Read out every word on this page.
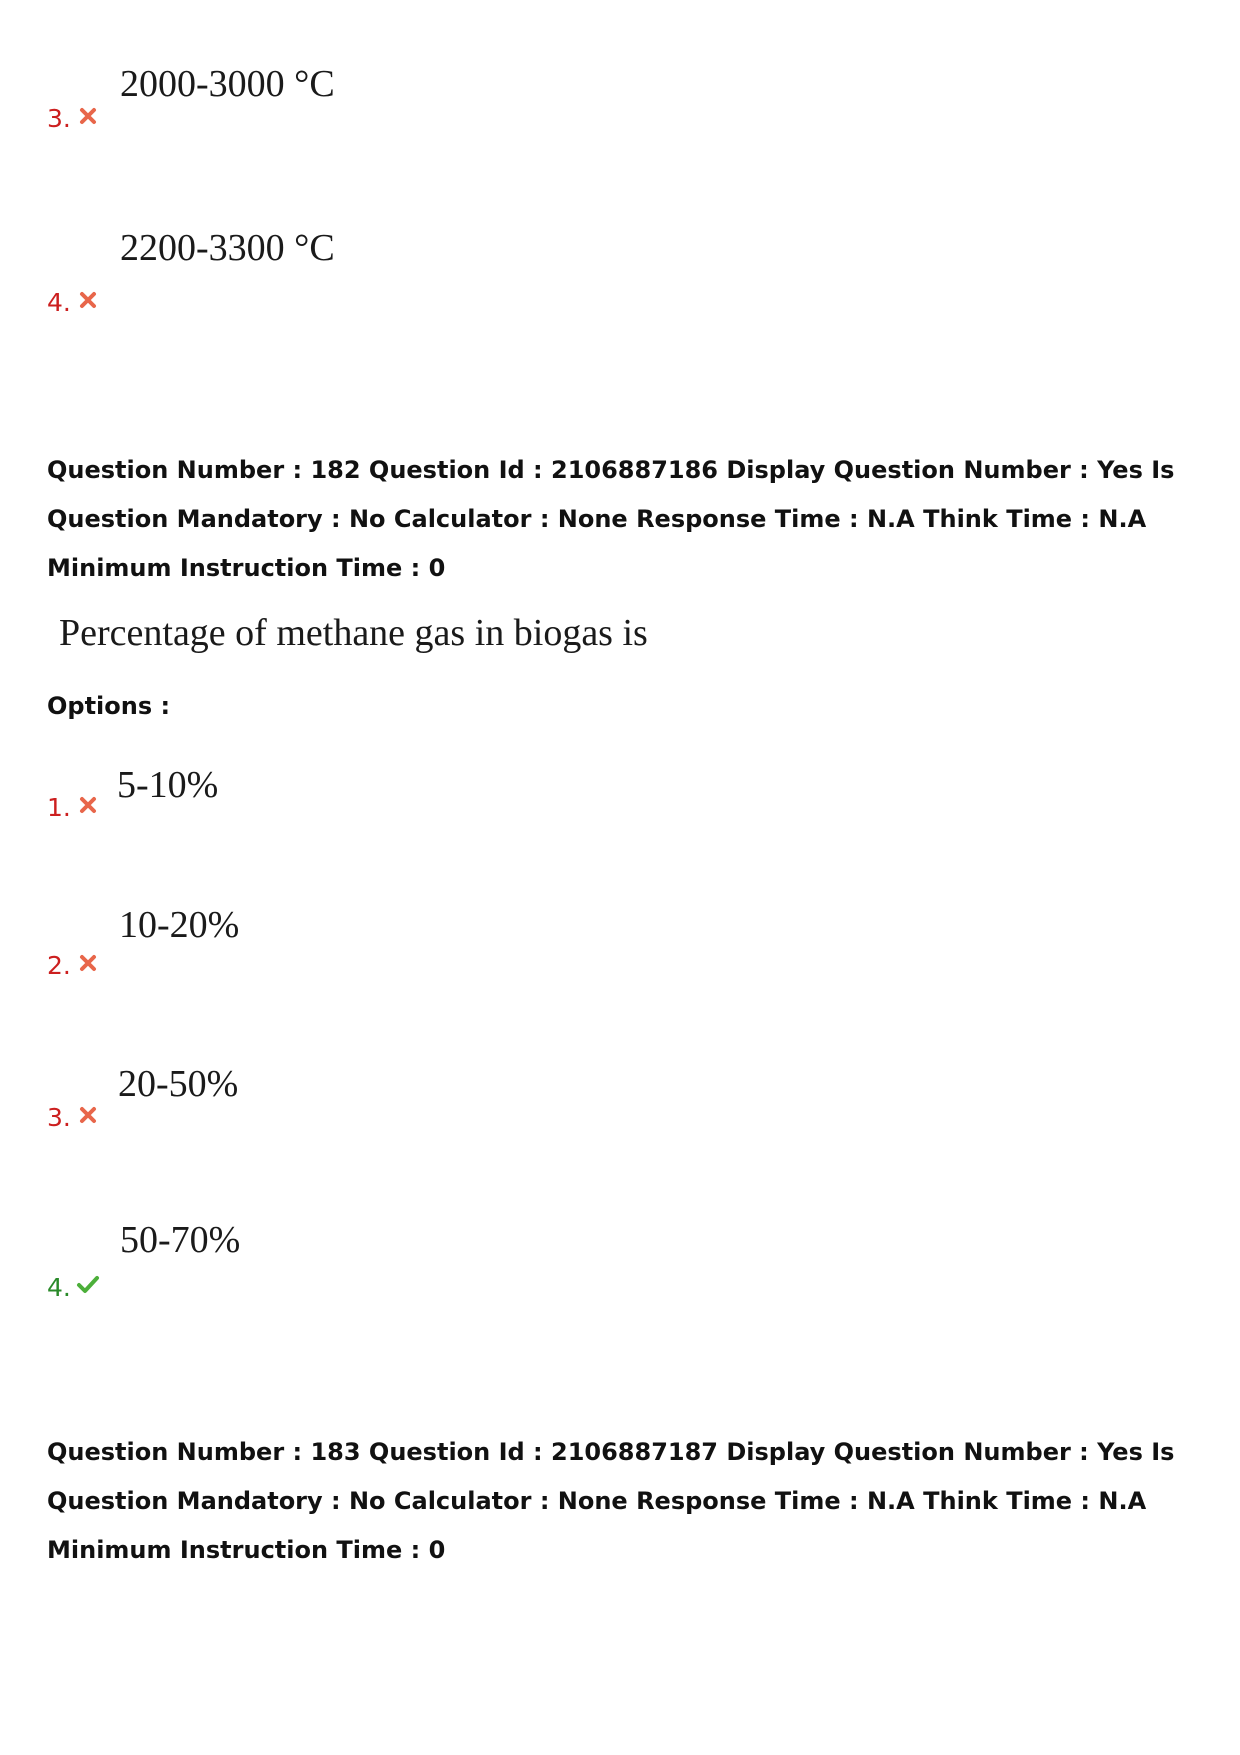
2000-3000 °C
3.
2200-3300 °C
4.
Question Number : 182 Question Id : 2106887186 Display Question Number : Yes Is Question Mandatory : No Calculator : None Response Time : N.A Think Time : N.A Minimum Instruction Time : 0
Percentage of methane gas in biogas is
Options :
5-10%
1.
10-20%
2.
20-50%
3.
50-70%
4.
Question Number : 183 Question Id : 2106887187 Display Question Number : Yes Is Question Mandatory : No Calculator : None Response Time : N.A Think Time : N.A Minimum Instruction Time : 0
